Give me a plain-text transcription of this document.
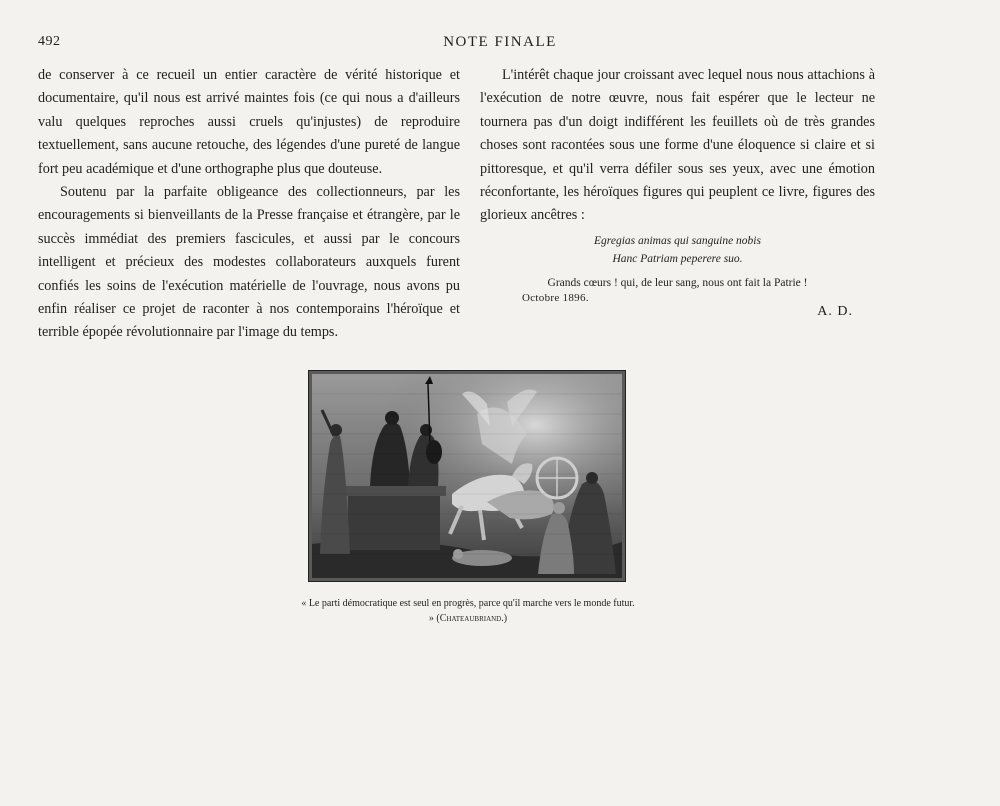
492	NOTE FINALE

de conserver à ce recueil un entier caractère de vérité historique et documentaire, qu'il nous est arrivé maintes fois (ce qui nous a d'ailleurs valu quelques reproches aussi cruels qu'injustes) de reproduire textuellement, sans aucune retouche, des légendes d'une pureté de langue fort peu académique et d'une orthographe plus que douteuse.

Soutenu par la parfaite obligeance des collectionneurs, par les encouragements si bienveillants de la Presse française et étrangère, par le succès immédiat des premiers fascicules, et aussi par le concours intelligent et précieux des modestes collaborateurs auxquels furent confiés les soins de l'exécution matérielle de l'ouvrage, nous avons pu enfin réaliser ce projet de raconter à nos contemporains l'héroïque et terrible épopée révolutionnaire par l'image du temps.

L'intérêt chaque jour croissant avec lequel nous nous attachions à l'exécution de notre œuvre, nous fait espérer que le lecteur ne tournera pas d'un doigt indifférent les feuillets où de très grandes choses sont racontées sous une forme d'une éloquence si claire et si pittoresque, et qu'il verra défiler sous ses yeux, avec une émotion réconfortante, les héroïques figures qui peuplent ce livre, figures des glorieux ancêtres :

Egregias animas qui sanguine nobis
Hanc Patriam peperere suo.
Grands cœurs ! qui, de leur sang, nous ont fait la Patrie !
A. D.
Octobre 1896.
« Le parti démocratique est seul en progrès, parce qu'il marche vers le monde futur. » (Chateaubriand.)
